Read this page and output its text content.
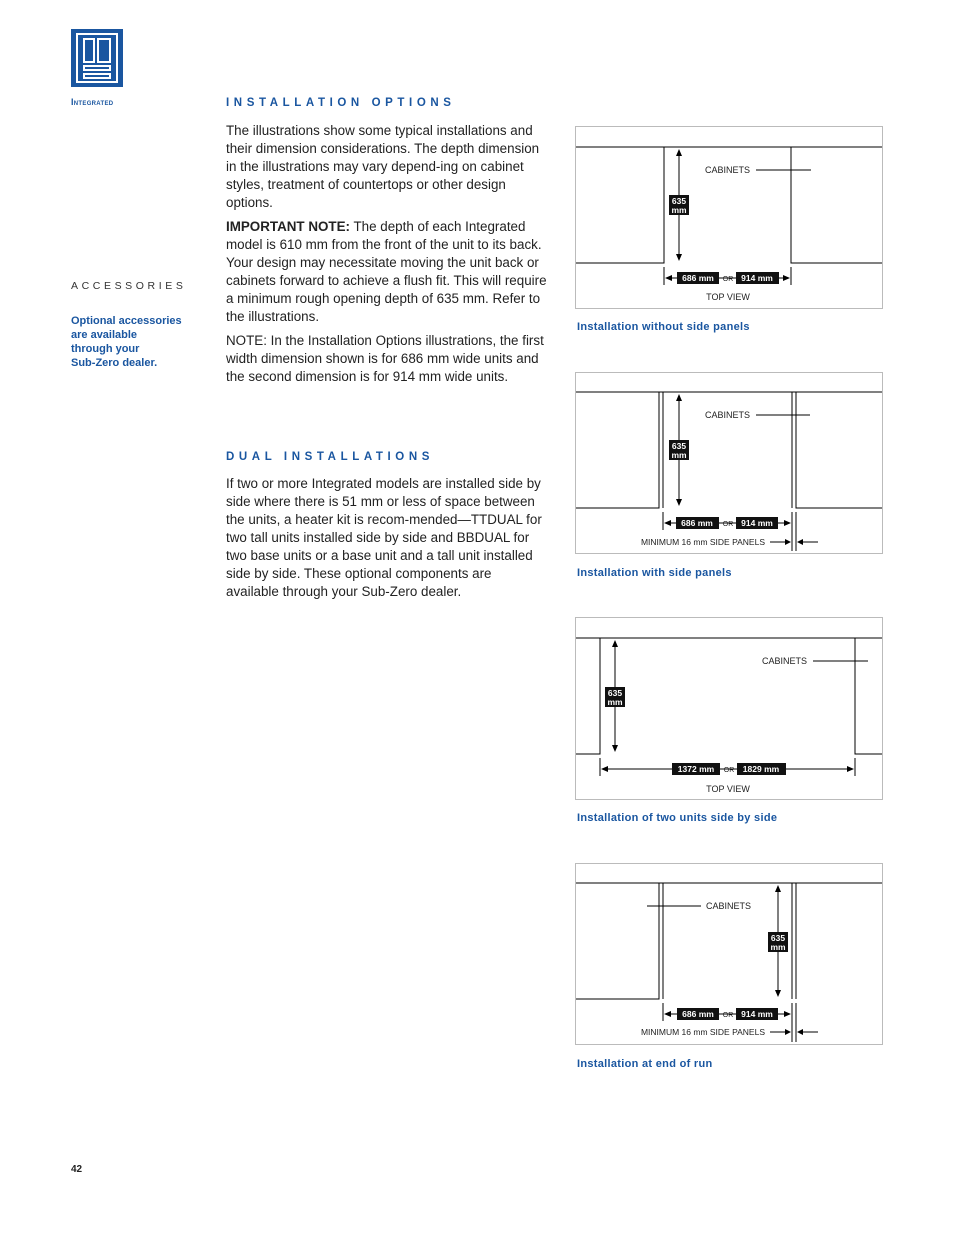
Integrated	INSTALLATION OPTIONS

The illustrations show some typical installations and their dimension considerations. The depth dimension in the illustrations may vary depend-ing on cabinet styles, treatment of countertops or other design options.

IMPORTANT NOTE: The depth of each Integrated model is 610 mm from the front of the unit to its back. Your design may necessitate moving the unit back or cabinets forward to achieve a flush fit. This will require a minimum rough opening depth of 635 mm. Refer to the illustrations.

NOTE: In the Installation Options illustrations, the first width dimension shown is for 686 mm wide units and the second dimension is for 914 mm wide units.

DUAL INSTALLATIONS

If two or more Integrated models are installed side by side where there is 51 mm or less of space between the units, a heater kit is recom-mended—TTDUAL for two tall units installed side by side and BBDUAL for two base units or a base unit and a tall unit installed side by side. These optional components are available through your Sub-Zero dealer.

ACCESSORIES
Optional accessories
are available
through your
Sub-Zero dealer.
635
mm
CABINETS
686 mm OR 914 mm
TOP VIEW
Installation without side panels
635
mm
CABINETS
686 mm OR 914 mm
MINIMUM 16 mm SIDE PANELS
Installation with side panels
635
mm
CABINETS
1372 mm OR 1829 mm
TOP VIEW
Installation of two units side by side
635
mm
CABINETS
686 mm OR 914 mm
MINIMUM 16 mm SIDE PANELS
Installation at end of run
42
